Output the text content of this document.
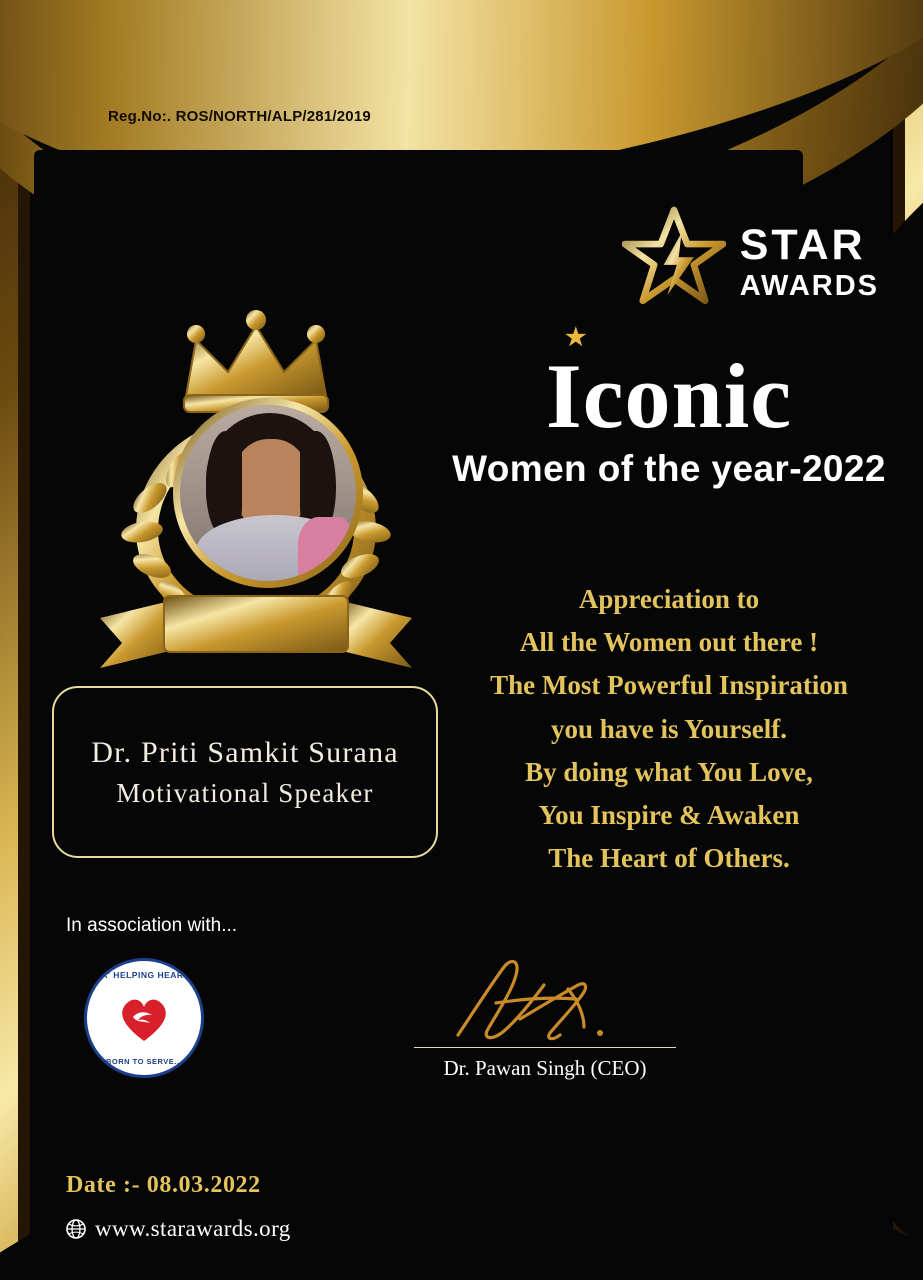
Reg.No:. ROS/NORTH/ALP/281/2019
STAR
AWARDS
Dr. Priti Samkit Surana
Motivational Speaker
★
Iconic
Women of the year-2022
Appreciation to
All the Women out there !
The Most Powerful Inspiration
you have is Yourself.
By doing what You Love,
You Inspire & Awaken
The Heart of Others.
In association with...
'A' HELPING HEART
BORN TO SERVE...	Dr. Pawan Singh (CEO)
Date :- 08.03.2022
www.starawards.org
